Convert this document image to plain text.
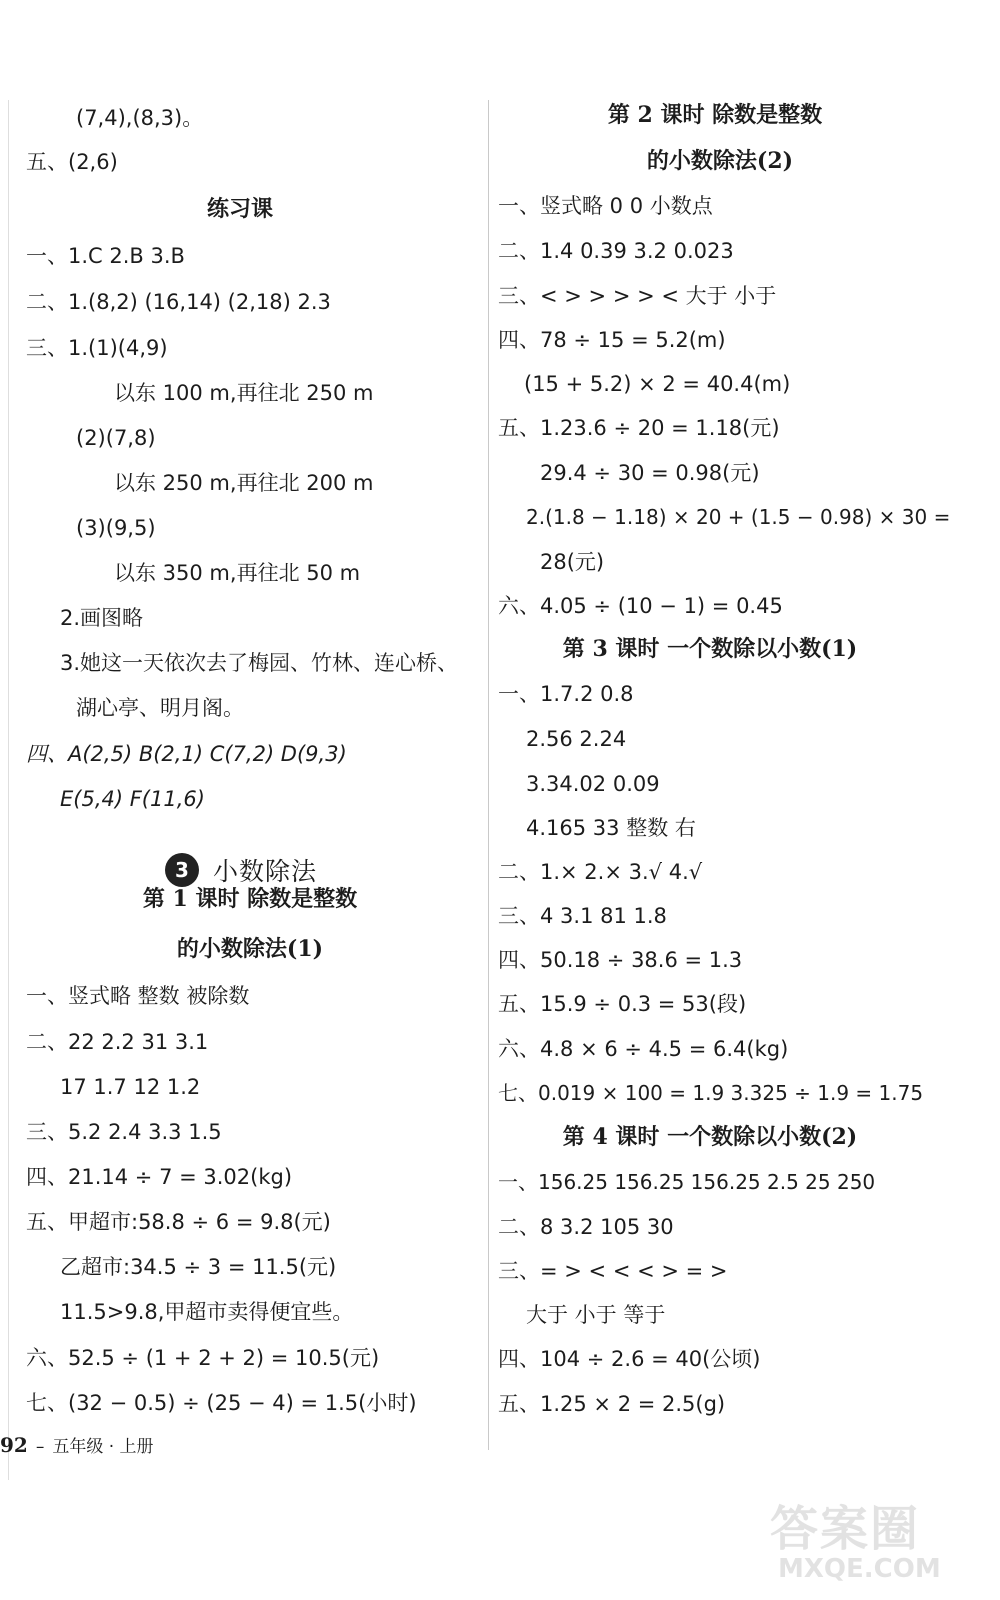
(7,4),(8,3)。
五、(2,6)
练习课
一、1.C 2.B 3.B
二、1.(8,2) (16,14) (2,18) 2.3
三、1.(1)(4,9)
以东 100 m,再往北 250 m
(2)(7,8)
以东 250 m,再往北 200 m
(3)(9,5)
以东 350 m,再往北 50 m
2.画图略
3.她这一天依次去了梅园、竹林、连心桥、
湖心亭、明月阁。
四、A(2,5) B(2,1) C(7,2) D(9,3)
E(5,4) F(11,6)
3 小数除法
第 1 课时 除数是整数
的小数除法(1)
一、竖式略 整数 被除数
二、22 2.2 31 3.1
17 1.7 12 1.2
三、5.2 2.4 3.3 1.5
四、21.14 ÷ 7 = 3.02(kg)
五、甲超市:58.8 ÷ 6 = 9.8(元)
乙超市:34.5 ÷ 3 = 11.5(元)
11.5>9.8,甲超市卖得便宜些。
六、52.5 ÷ (1 + 2 + 2) = 10.5(元)
七、(32 − 0.5) ÷ (25 − 4) = 1.5(小时)
第 2 课时 除数是整数
的小数除法(2)
一、竖式略 0 0 小数点
二、1.4 0.39 3.2 0.023
三、< > > > > < 大于 小于
四、78 ÷ 15 = 5.2(m)
(15 + 5.2) × 2 = 40.4(m)
五、1.23.6 ÷ 20 = 1.18(元)
29.4 ÷ 30 = 0.98(元)
2.(1.8 − 1.18) × 20 + (1.5 − 0.98) × 30 =
28(元)
六、4.05 ÷ (10 − 1) = 0.45
第 3 课时 一个数除以小数(1)
一、1.7.2 0.8
2.56 2.24
3.34.02 0.09
4.165 33 整数 右
二、1.× 2.× 3.√ 4.√
三、4 3.1 81 1.8
四、50.18 ÷ 38.6 = 1.3
五、15.9 ÷ 0.3 = 53(段)
六、4.8 × 6 ÷ 4.5 = 6.4(kg)
七、0.019 × 100 = 1.9 3.325 ÷ 1.9 = 1.75
第 4 课时 一个数除以小数(2)
一、156.25 156.25 156.25 2.5 25 250
二、8 3.2 105 30
三、= > < < < > = >
大于 小于 等于
四、104 ÷ 2.6 = 40(公顷)
五、1.25 × 2 = 2.5(g)
92 – 五年级 · 上册
答案圈
MXQE.COM
